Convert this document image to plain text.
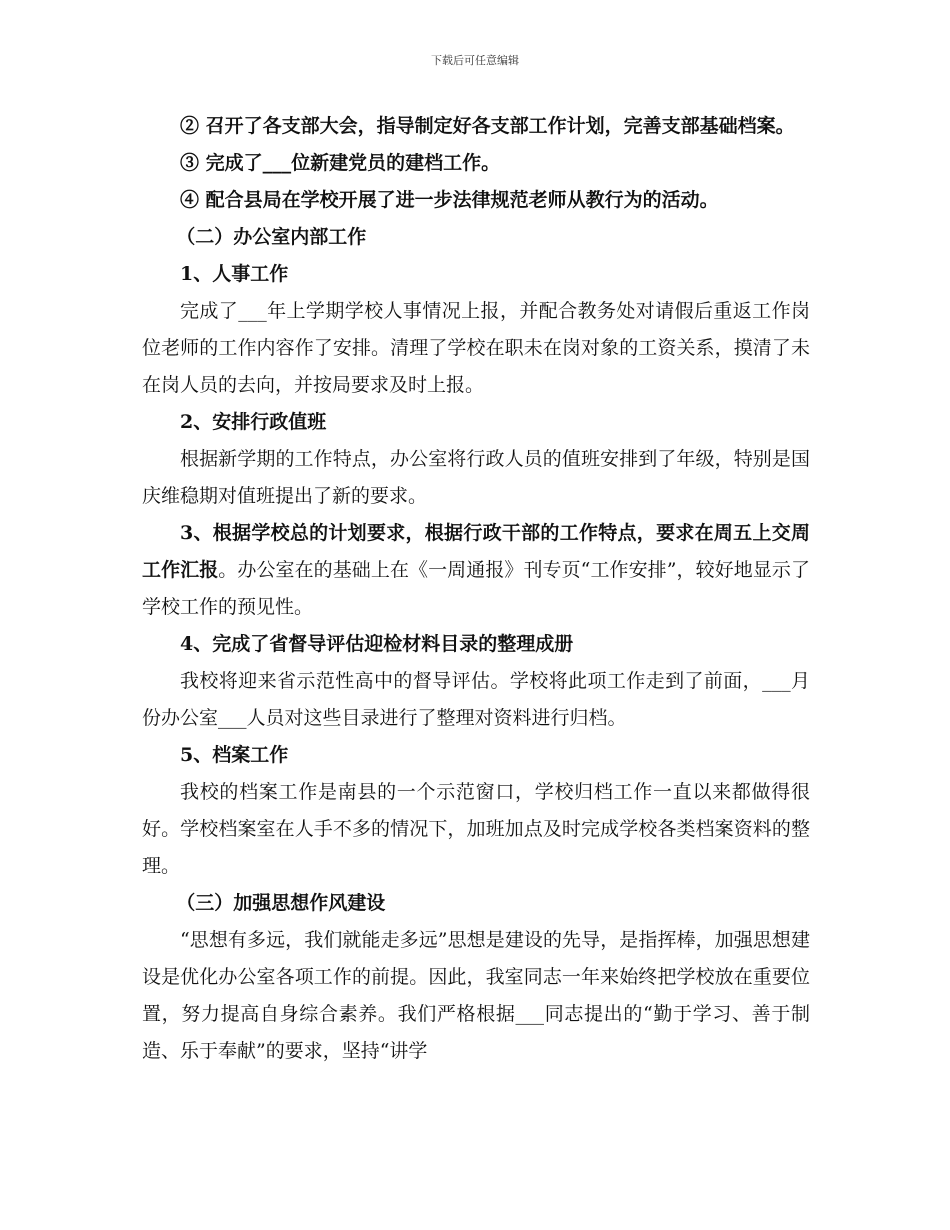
下载后可任意编辑

② 召开了各支部大会，指导制定好各支部工作计划，完善支部基础档案。

③ 完成了___位新建党员的建档工作。

④ 配合县局在学校开展了进一步法律规范老师从教行为的活动。

（二）办公室内部工作

1、人事工作

完成了___年上学期学校人事情况上报，并配合教务处对请假后重返工作岗位老师的工作内容作了安排。清理了学校在职未在岗对象的工资关系，摸清了未在岗人员的去向，并按局要求及时上报。

2、安排行政值班

根据新学期的工作特点，办公室将行政人员的值班安排到了年级，特别是国庆维稳期对值班提出了新的要求。

3、根据学校总的计划要求，根据行政干部的工作特点，要求在周五上交周工作汇报。办公室在的基础上在《一周通报》刊专页“工作安排”，较好地显示了学校工作的预见性。

4、完成了省督导评估迎检材料目录的整理成册

我校将迎来省示范性高中的督导评估。学校将此项工作走到了前面，___月份办公室___人员对这些目录进行了整理对资料进行归档。

5、档案工作

我校的档案工作是南县的一个示范窗口，学校归档工作一直以来都做得很好。学校档案室在人手不多的情况下，加班加点及时完成学校各类档案资料的整理。

（三）加强思想作风建设

“思想有多远，我们就能走多远”思想是建设的先导，是指挥棒，加强思想建设是优化办公室各项工作的前提。因此，我室同志一年来始终把学校放在重要位置，努力提高自身综合素养。我们严格根据___同志提出的“勤于学习、善于制造、乐于奉献”的要求，坚持“讲学
